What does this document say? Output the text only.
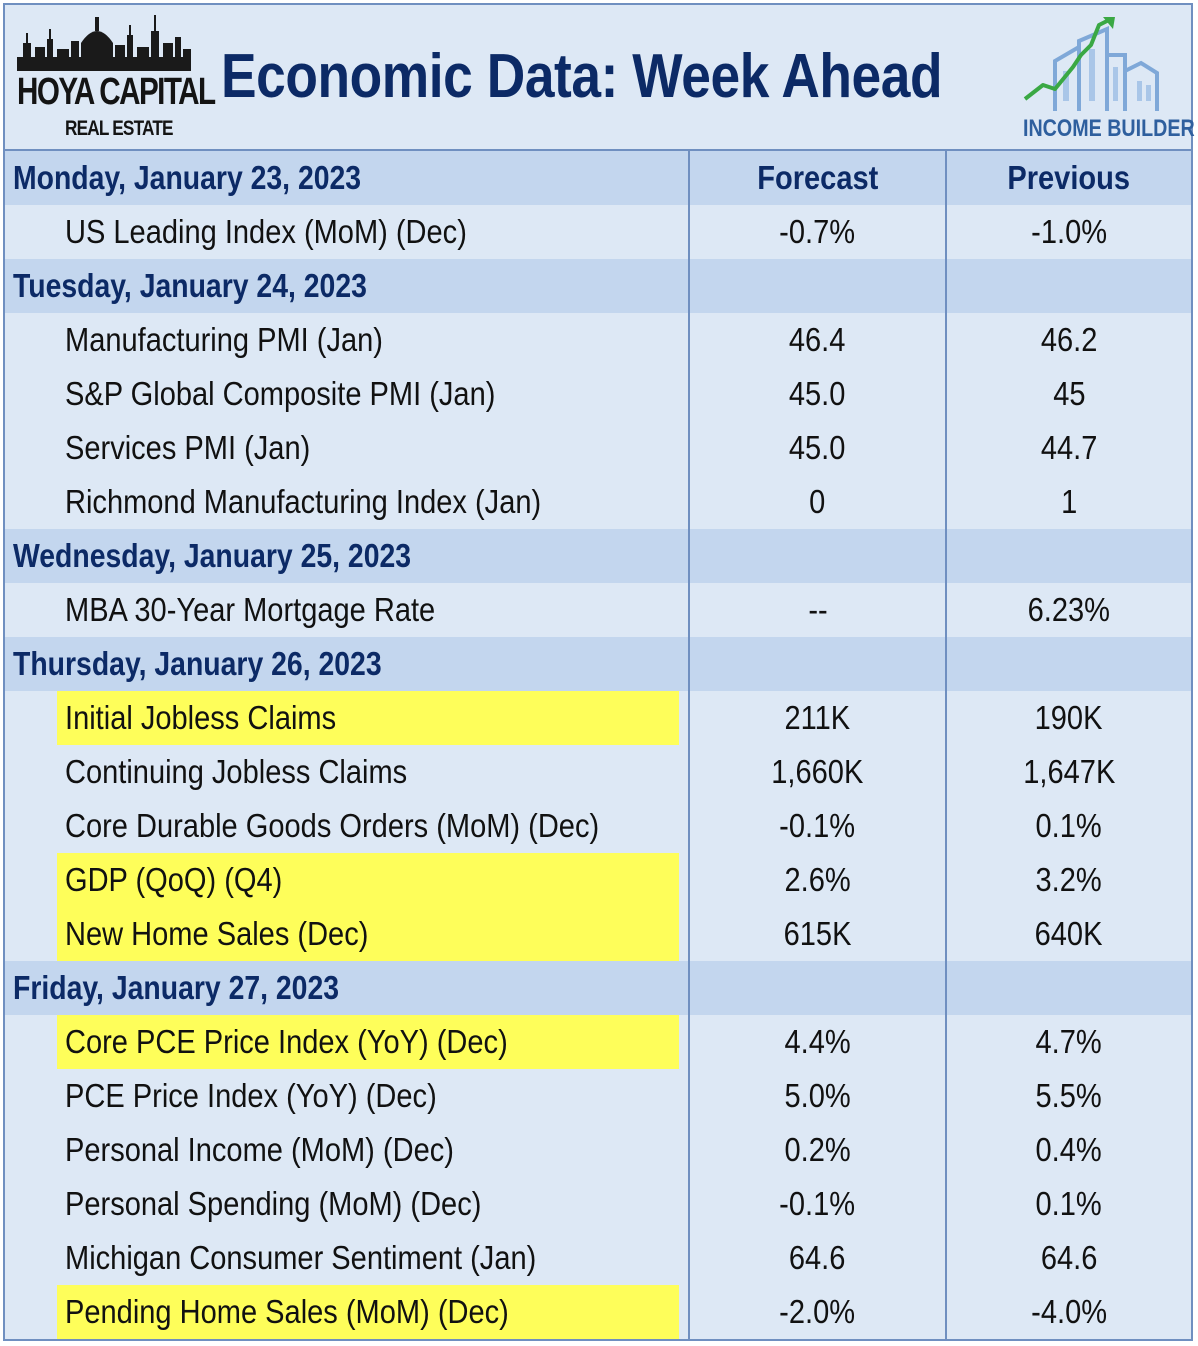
HOYA CAPITAL
REAL ESTATE
Economic Data: Week Ahead
INCOME BUILDER
Monday, January 23, 2023	Forecast	Previous
US Leading Index (MoM) (Dec)	-0.7%	-1.0%
Tuesday, January 24, 2023		
Manufacturing PMI (Jan)	46.4	46.2
S&P Global Composite PMI (Jan)	45.0	45
Services PMI (Jan)	45.0	44.7
Richmond Manufacturing Index (Jan)	0	1
Wednesday, January 25, 2023		
MBA 30-Year Mortgage Rate	--	6.23%
Thursday, January 26, 2023		
Initial Jobless Claims	211K	190K
Continuing Jobless Claims	1,660K	1,647K
Core Durable Goods Orders (MoM) (Dec)	-0.1%	0.1%
GDP (QoQ) (Q4)	2.6%	3.2%
New Home Sales (Dec)	615K	640K
Friday, January 27, 2023		
Core PCE Price Index (YoY) (Dec)	4.4%	4.7%
PCE Price Index (YoY) (Dec)	5.0%	5.5%
Personal Income (MoM) (Dec)	0.2%	0.4%
Personal Spending (MoM) (Dec)	-0.1%	0.1%
Michigan Consumer Sentiment (Jan)	64.6	64.6
Pending Home Sales (MoM) (Dec)	-2.0%	-4.0%
